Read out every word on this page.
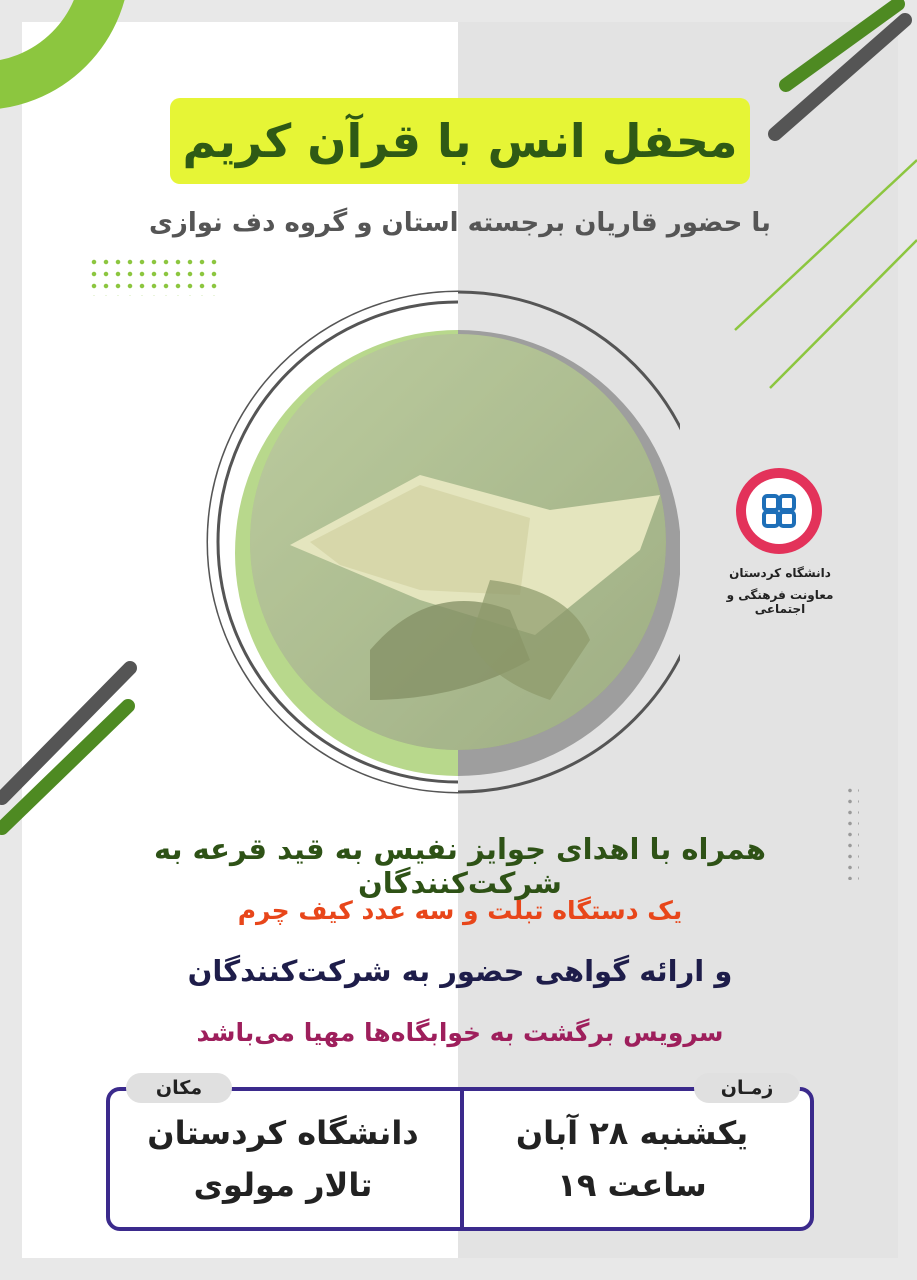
محفل انس با قرآن کریم
با حضور قاریان برجسته استان و گروه دف نوازی
دانشگاه کردستان
معاونت فرهنگی و اجتماعی
همراه با اهدای جوایز نفیس به قید قرعه به شرکت‌کنندگان
یک دستگاه تبلت و سه عدد کیف چرم
و ارائه گواهی حضور به شرکت‌کنندگان
سرویس برگشت به خوابگاه‌ها مهیا می‌باشد
مکان	زمـان
دانشگاه کردستان
تالار مولوی
یکشنبه ۲۸ آبان
ساعت ۱۹
